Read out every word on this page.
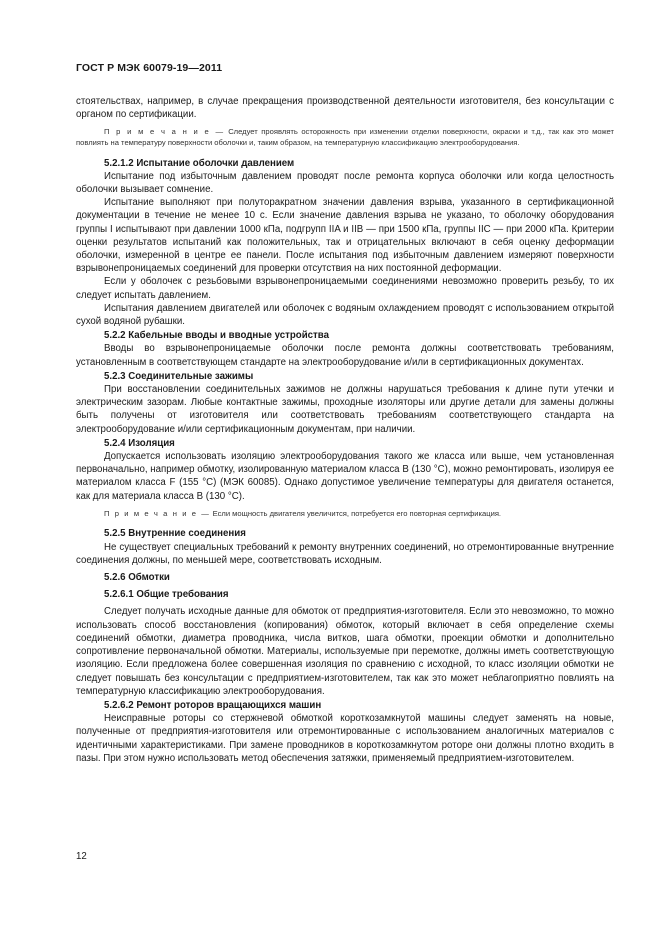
ГОСТ Р МЭК 60079-19—2011

стоятельствах, например, в случае прекращения производственной деятельности изготовителя, без консультации с органом по сертификации.

П р и м е ч а н и е — Следует проявлять осторожность при изменении отделки поверхности, окраски и т.д., так как это может повлиять на температуру поверхности оболочки и, таким образом, на температурную классификацию электрооборудования.

5.2.1.2 Испытание оболочки давлением

Испытание под избыточным давлением проводят после ремонта корпуса оболочки или когда целостность оболочки вызывает сомнение.

Испытание выполняют при полуторакратном значении давления взрыва, указанного в сертификационной документации в течение не менее 10 с. Если значение давления взрыва не указано, то оболочку оборудования группы I испытывают при давлении 1000 кПа, подгрупп IIA и IIB — при 1500 кПа, группы IIC — при 2000 кПа. Критерии оценки результатов испытаний как положительных, так и отрицательных включают в себя оценку деформации оболочки, измеренной в центре ее панели. После испытания под избыточным давлением измеряют поверхности взрывонепроницаемых соединений для проверки отсутствия на них постоянной деформации.

Если у оболочек с резьбовыми взрывонепроницаемыми соединениями невозможно проверить резьбу, то их следует испытать давлением.

Испытания давлением двигателей или оболочек с водяным охлаждением проводят с использованием открытой сухой водяной рубашки.

5.2.2 Кабельные вводы и вводные устройства

Вводы во взрывонепроницаемые оболочки после ремонта должны соответствовать требованиям, установленным в соответствующем стандарте на электрооборудование и/или в сертификационных документах.

5.2.3 Соединительные зажимы

При восстановлении соединительных зажимов не должны нарушаться требования к длине пути утечки и электрическим зазорам. Любые контактные зажимы, проходные изоляторы или другие детали для замены должны быть получены от изготовителя или соответствовать требованиям соответствующего стандарта на электрооборудование и/или сертификационным документам, при наличии.

5.2.4 Изоляция

Допускается использовать изоляцию электрооборудования такого же класса или выше, чем установленная первоначально, например обмотку, изолированную материалом класса B (130 °C), можно ремонтировать, изолируя ее материалом класса F (155 °C) (МЭК 60085). Однако допустимое увеличение температуры для двигателя останется, как для материала класса B (130 °C).

П р и м е ч а н и е — Если мощность двигателя увеличится, потребуется его повторная сертификация.

5.2.5 Внутренние соединения

Не существует специальных требований к ремонту внутренних соединений, но отремонтированные внутренние соединения должны, по меньшей мере, соответствовать исходным.

5.2.6 Обмотки

5.2.6.1 Общие требования

Следует получать исходные данные для обмоток от предприятия-изготовителя. Если это невозможно, то можно использовать способ восстановления (копирования) обмоток, который включает в себя определение схемы соединений обмотки, диаметра проводника, числа витков, шага обмотки, проекции обмотки и дополнительно сопротивление первоначальной обмотки. Материалы, используемые при перемотке, должны иметь соответствующую изоляцию. Если предложена более совершенная изоляция по сравнению с исходной, то класс изоляции обмотки не следует повышать без консультации с предприятием-изготовителем, так как это может неблагоприятно повлиять на температурную классификацию электрооборудования.

5.2.6.2 Ремонт роторов вращающихся машин

Неисправные роторы со стержневой обмоткой короткозамкнутой машины следует заменять на новые, полученные от предприятия-изготовителя или отремонтированные с использованием аналогичных материалов с идентичными характеристиками. При замене проводников в короткозамкнутом роторе они должны плотно входить в пазы. При этом нужно использовать метод обеспечения затяжки, применяемый предприятием-изготовителем.

12
